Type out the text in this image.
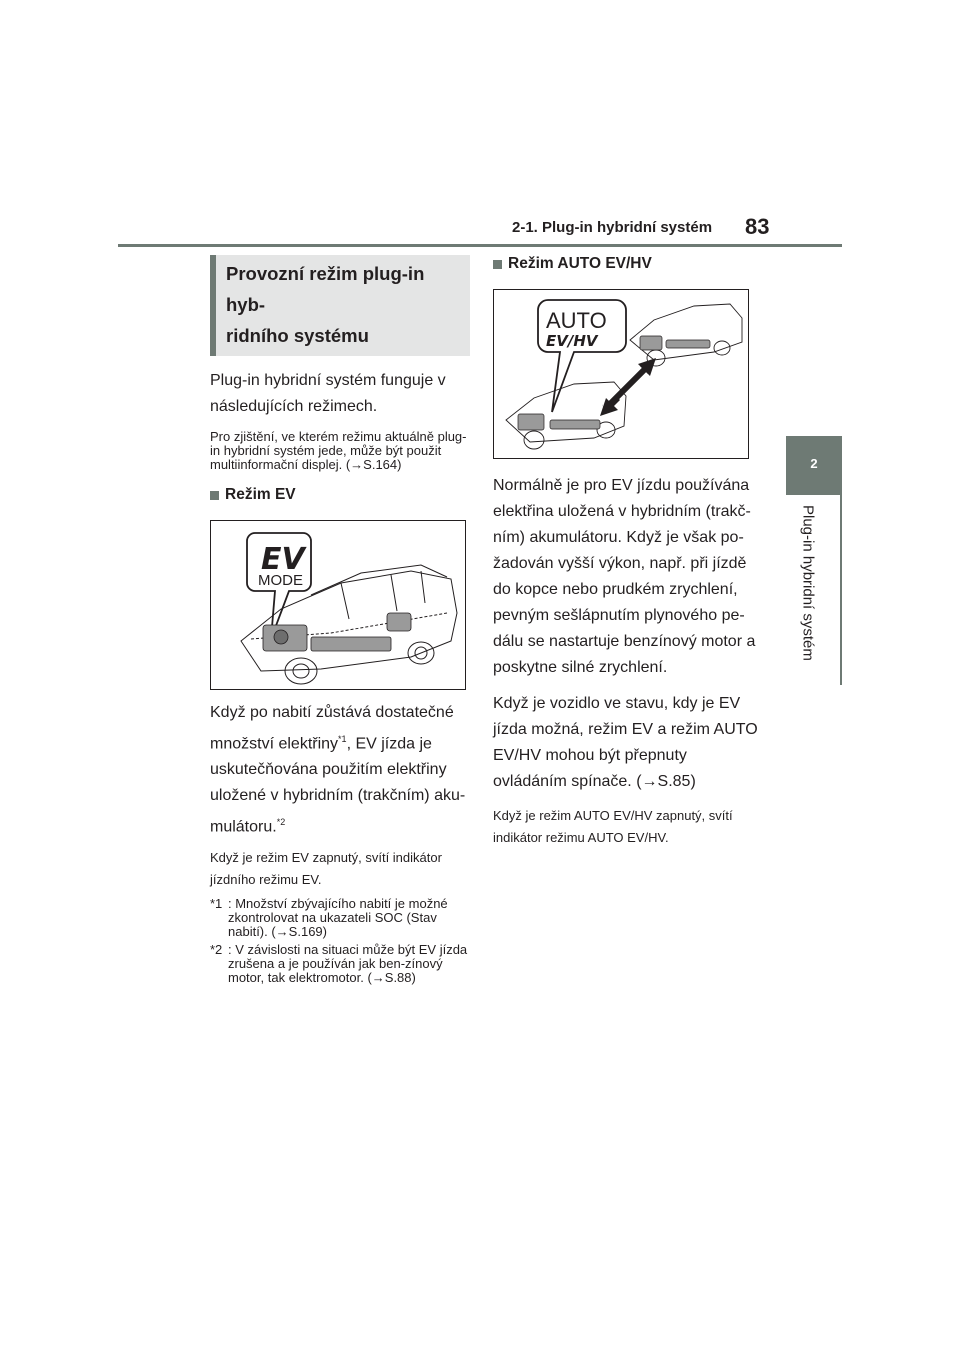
2-1. Plug-in hybridní systém 83
2
Plug-in hybridní systém
Provozní režim plug-in hyb-
ridního systému
Plug-in hybridní systém funguje v následujících režimech.
Pro zjištění, ve kterém režimu aktuálně plug-in hybridní systém jede, může být použit multiinformační displej. (→S.164)
Režim EV
EV
MODE
Když po nabití zůstává dostatečné množství elektřiny$^{*1}$, EV jízda je uskutečňována použitím elektřiny uložené v hybridním (trakčním) aku-mulátoru.$^{*2}$
Když je režim EV zapnutý, svítí indikátor jízdního režimu EV.
*1 : Množství zbývajícího nabití je možné zkontrolovat na ukazateli SOC (Stav nabití). (→S.169)
*2 : V závislosti na situaci může být EV jízda zrušena a je používán jak ben-zínový motor, tak elektromotor. (→S.88)
Režim AUTO EV/HV
AUTO
EV/HV
Normálně je pro EV jízdu používána elektřina uložená v hybridním (trakč-ním) akumulátoru. Když je však po-žadován vyšší výkon, např. při jízdě do kopce nebo prudkém zrychlení, pevným sešlápnutím plynového pe-dálu se nastartuje benzínový motor a poskytne silné zrychlení.
Když je vozidlo ve stavu, kdy je EV jízda možná, režim EV a režim AUTO EV/HV mohou být přepnuty ovládáním spínače. (→S.85)
Když je režim AUTO EV/HV zapnutý, svítí indikátor režimu AUTO EV/HV.
